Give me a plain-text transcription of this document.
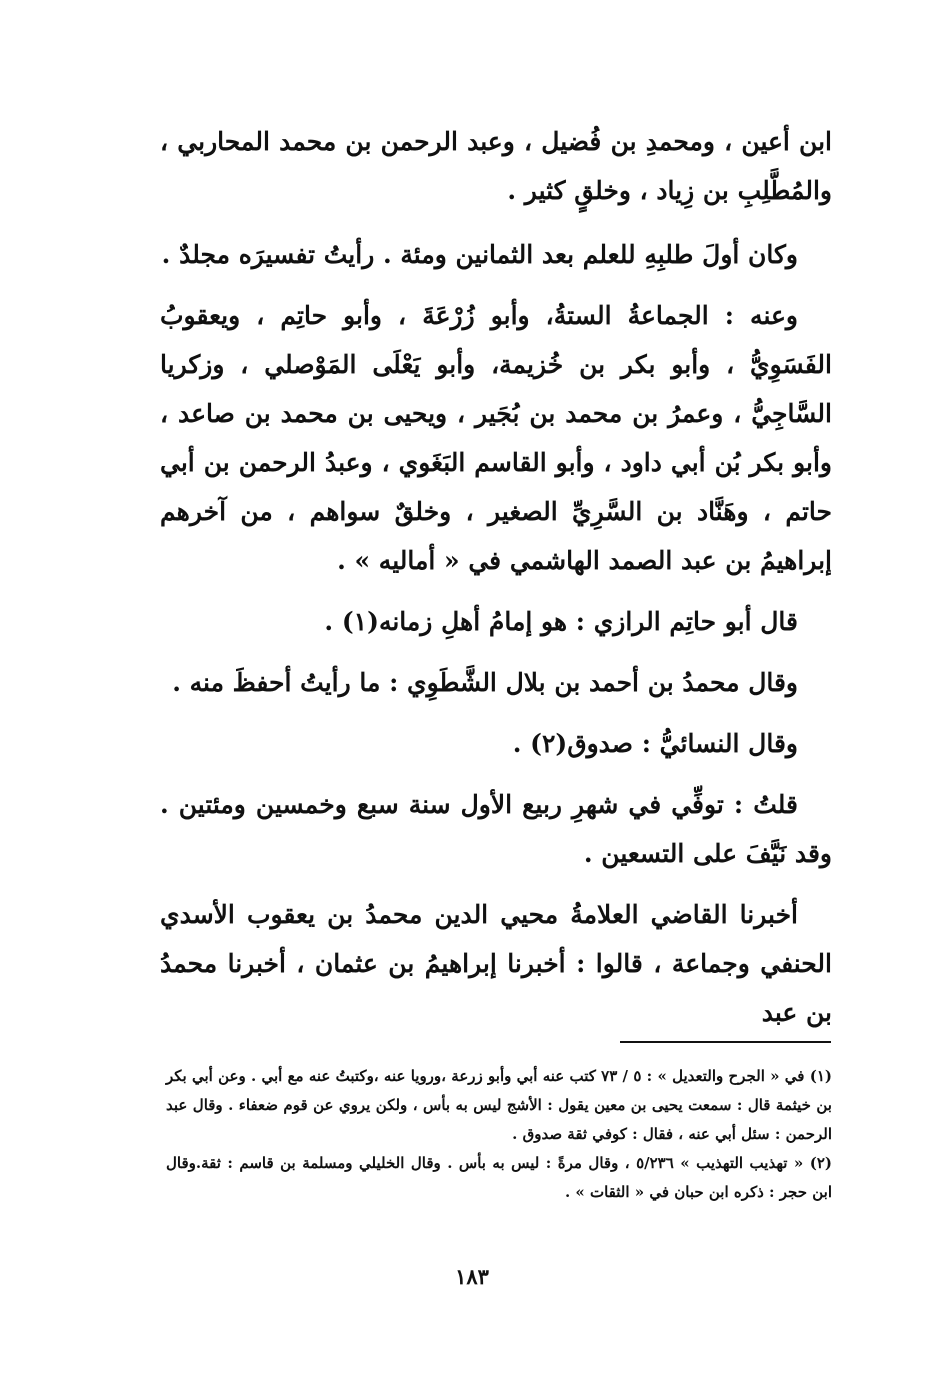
ابن أعين ، ومحمدِ بن فُضيل ، وعبد الرحمن بن محمد المحاربي ، والمُطَّلِبِ بن زِياد ، وخلقٍ كثير .

وكان أولَ طلبِهِ للعلم بعد الثمانين ومئة . رأيتُ تفسيرَه مجلدٌ .

وعنه : الجماعةُ الستةُ، وأبو زُرْعَةَ ، وأبو حاتِم ، ويعقوبُ الفَسَوِيُّ ، وأبو بكر بن خُزيمة، وأبو يَعْلَى المَوْصلي ، وزكريا السَّاجِيُّ ، وعمرُ بن محمد بن بُجَير ، ويحيى بن محمد بن صاعد ، وأبو بكر بُن أبي داود ، وأبو القاسم البَغَوي ، وعبدُ الرحمن بن أبي حاتم ، وهَنَّاد بن السَّرِيِّ الصغير ، وخلقٌ سواهم ، من آخرهم إبراهيمُ بن عبد الصمد الهاشمي في « أماليه » .

قال أبو حاتِم الرازي : هو إمامُ أهلِ زمانه(١) .

وقال محمدُ بن أحمد بن بلال الشَّطَوِي : ما رأيتُ أحفظَ منه .

وقال النسائيُّ : صدوق(٢) .

قلتُ : توفِّي في شهرِ ربيع الأول سنة سبع وخمسين ومئتين . وقد نَيَّفَ على التسعين .

أخبرنا القاضي العلامةُ محيي الدين محمدُ بن يعقوب الأسدي الحنفي وجماعة ، قالوا : أخبرنا إبراهيمُ بن عثمان ، أخبرنا محمدُ بن عبد

(١) في « الجرح والتعديل » : ٥ / ٧٣ كتب عنه أبي وأبو زرعة ،ورويا عنه ،وكتبتُ عنه مع أبي . وعن أبي بكر بن خيثمة قال : سمعت يحيى بن معين يقول : الأشج ليس به بأس ، ولكن يروي عن قوم ضعفاء . وقال عبد الرحمن : سئل أبي عنه ، فقال : كوفي ثقة صدوق .

(٢) « تهذيب التهذيب » ٥/٢٣٦ ، وقال مرةً : ليس به بأس . وقال الخليلي ومسلمة بن قاسم : ثقة.وقال ابن حجر : ذكره ابن حبان في « الثقات » .

١٨٣
